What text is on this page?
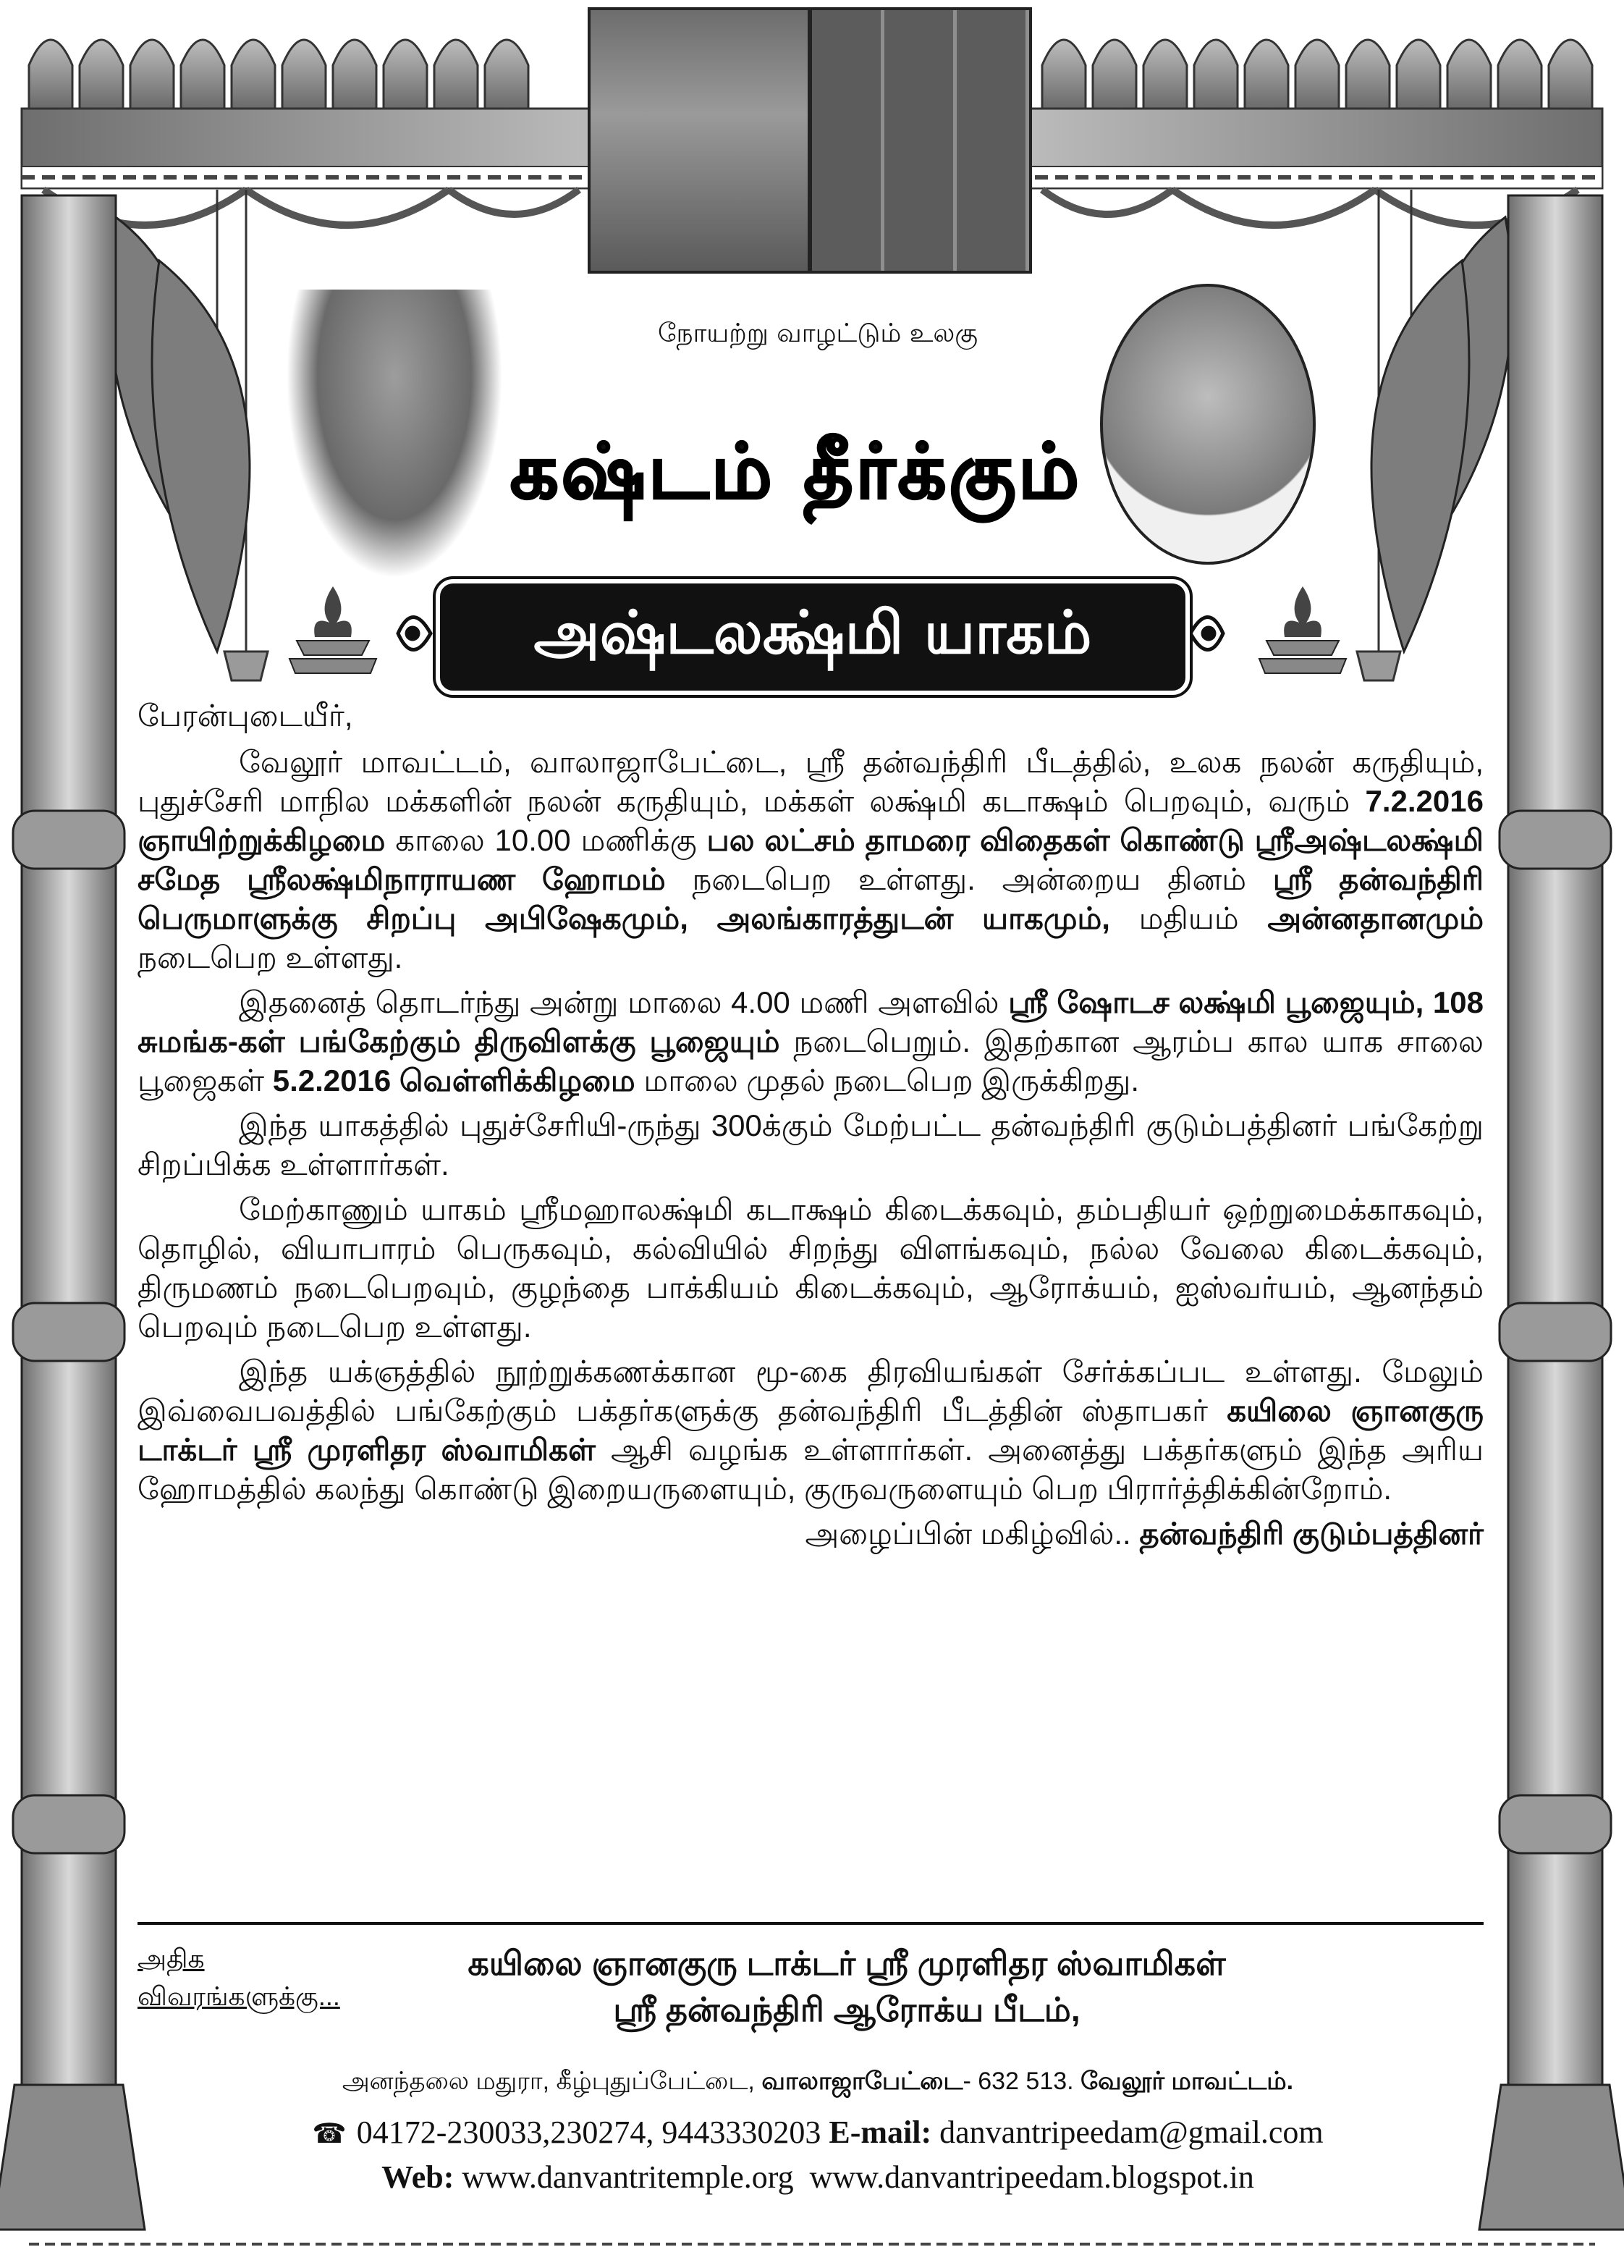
நோயற்று வாழட்டும் உலகு
கஷ்டம் தீர்க்கும்
அஷ்டலக்ஷ்மி யாகம்

பேரன்புடையீர்,

வேலூர் மாவட்டம், வாலாஜாபேட்டை, ஸ்ரீ தன்வந்திரி பீடத்தில், உலக நலன் கருதியும், புதுச்சேரி மாநில மக்களின் நலன் கருதியும், மக்கள் லக்ஷ்மி கடாக்ஷம் பெறவும், வரும் 7.2.2016 ஞாயிற்றுக்கிழமை காலை 10.00 மணிக்கு பல லட்சம் தாமரை விதைகள் கொண்டு ஸ்ரீஅஷ்டலக்ஷ்மி சமேத ஸ்ரீலக்ஷ்மிநாராயண ஹோமம் நடைபெற உள்ளது. அன்றைய தினம் ஸ்ரீ தன்வந்திரி பெருமாளுக்கு சிறப்பு அபிஷேகமும், அலங்காரத்துடன் யாகமும், மதியம் அன்னதானமும் நடைபெற உள்ளது.

இதனைத் தொடர்ந்து அன்று மாலை 4.00 மணி அளவில் ஸ்ரீ ஷோடச லக்ஷ்மி பூஜையும், 108 சுமங்க-கள் பங்கேற்கும் திருவிளக்கு பூஜையும் நடைபெறும். இதற்கான ஆரம்ப கால யாக சாலை பூஜைகள் 5.2.2016 வெள்ளிக்கிழமை மாலை முதல் நடைபெற இருக்கிறது.

இந்த யாகத்தில் புதுச்சேரியி-ருந்து 300க்கும் மேற்பட்ட தன்வந்திரி குடும்பத்தினர் பங்கேற்று சிறப்பிக்க உள்ளார்கள்.

மேற்காணும் யாகம் ஸ்ரீமஹாலக்ஷ்மி கடாக்ஷம் கிடைக்கவும், தம்பதியர் ஒற்றுமைக்காகவும், தொழில், வியாபாரம் பெருகவும், கல்வியில் சிறந்து விளங்கவும், நல்ல வேலை கிடைக்கவும், திருமணம் நடைபெறவும், குழந்தை பாக்கியம் கிடைக்கவும், ஆரோக்யம், ஐஸ்வர்யம், ஆனந்தம் பெறவும் நடைபெற உள்ளது.

இந்த யக்ஞத்தில் நூற்றுக்கணக்கான மூ-கை திரவியங்கள் சேர்க்கப்பட உள்ளது. மேலும் இவ்வைபவத்தில் பங்கேற்கும் பக்தர்களுக்கு தன்வந்திரி பீடத்தின் ஸ்தாபகர் கயிலை ஞானகுரு டாக்டர் ஸ்ரீ முரளிதர ஸ்வாமிகள் ஆசி வழங்க உள்ளார்கள். அனைத்து பக்தர்களும் இந்த அரிய ஹோமத்தில் கலந்து கொண்டு இறையருளையும், குருவருளையும் பெற பிரார்த்திக்கின்றோம்.

அழைப்பின் மகிழ்வில்.. தன்வந்திரி குடும்பத்தினர்

அதிக
விவரங்களுக்கு...
கயிலை ஞானகுரு டாக்டர் ஸ்ரீ முரளிதர ஸ்வாமிகள்
ஸ்ரீ தன்வந்திரி ஆரோக்ய பீடம்,
அனந்தலை மதுரா, கீழ்புதுப்பேட்டை, வாலாஜாபேட்டை- 632 513. வேலூர் மாவட்டம்.
☎ 04172-230033,230274, 9443330203 E-mail: danvantripeedam@gmail.com
Web: www.danvantritemple.org  www.danvantripeedam.blogspot.in
